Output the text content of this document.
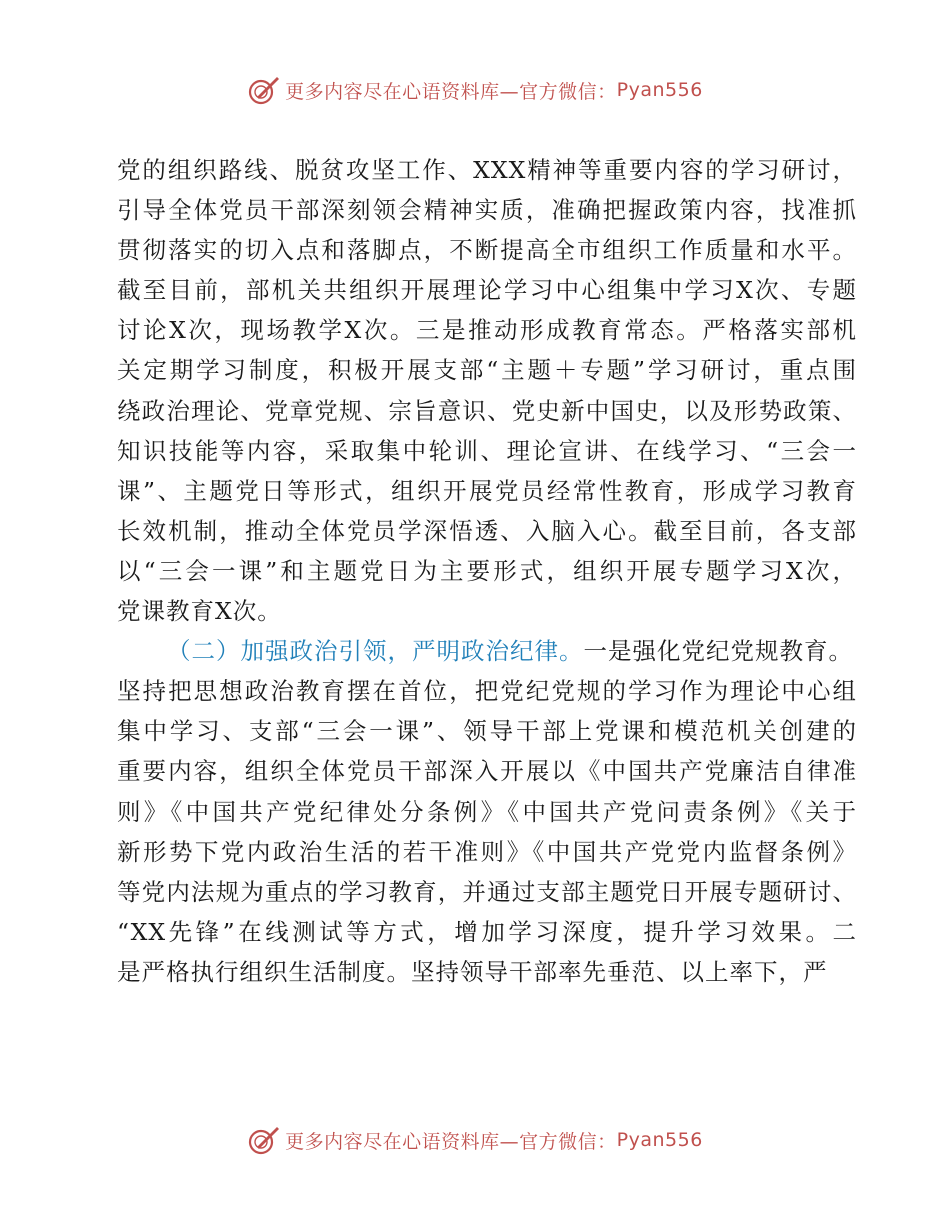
更多内容尽在心语资料库—官方微信： Pyan556
党的组织路线、脱贫攻坚工作、XXX精神等重要内容的学习研讨，
引导全体党员干部深刻领会精神实质，准确把握政策内容，找准抓
贯彻落实的切入点和落脚点，不断提高全市组织工作质量和水平。
截至目前，部机关共组织开展理论学习中心组集中学习X次、专题
讨论X次，现场教学X次。三是推动形成教育常态。严格落实部机
关定期学习制度，积极开展支部“主题＋专题”学习研讨，重点围
绕政治理论、党章党规、宗旨意识、党史新中国史，以及形势政策、
知识技能等内容，采取集中轮训、理论宣讲、在线学习、“三会一
课”、主题党日等形式，组织开展党员经常性教育，形成学习教育
长效机制，推动全体党员学深悟透、入脑入心。截至目前，各支部
以“三会一课”和主题党日为主要形式，组织开展专题学习X次，
党课教育X次。
（二）加强政治引领，严明政治纪律。一是强化党纪党规教育。
坚持把思想政治教育摆在首位，把党纪党规的学习作为理论中心组
集中学习、支部“三会一课”、领导干部上党课和模范机关创建的
重要内容，组织全体党员干部深入开展以《中国共产党廉洁自律准
则》《中国共产党纪律处分条例》《中国共产党问责条例》《关于
新形势下党内政治生活的若干准则》《中国共产党党内监督条例》
等党内法规为重点的学习教育，并通过支部主题党日开展专题研讨、
“XX先锋”在线测试等方式，增加学习深度，提升学习效果。二
是严格执行组织生活制度。坚持领导干部率先垂范、以上率下，严
更多内容尽在心语资料库—官方微信： Pyan556
